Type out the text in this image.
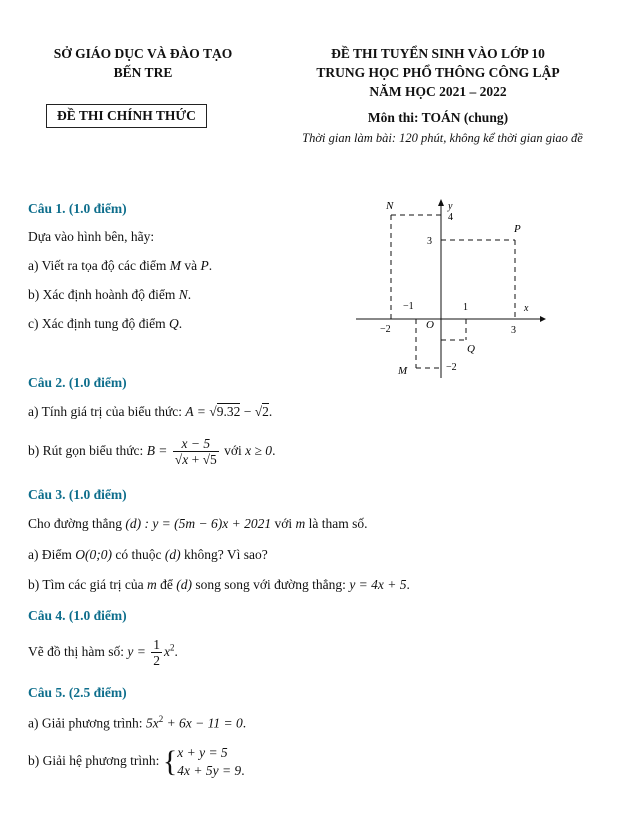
SỞ GIÁO DỤC VÀ ĐÀO TẠO
BẾN TRE
ĐỀ THI CHÍNH THỨC
ĐỀ THI TUYỂN SINH VÀO LỚP 10
TRUNG HỌC PHỔ THÔNG CÔNG LẬP
NĂM HỌC 2021 – 2022
Môn thi: TOÁN (chung)
Thời gian làm bài: 120 phút, không kể thời gian giao đề
Câu 1. (1.0 điểm)
Dựa vào hình bên, hãy:
a) Viết ra tọa độ các điểm M và P.
b) Xác định hoành độ điểm N.
c) Xác định tung độ điểm Q.
N
P
M
Q
O
y
x
4
3
−2
−1	1
−2	3
Câu 2. (1.0 điểm)
a) Tính giá trị của biểu thức: A = √9.32 − √2.
b) Rút gọn biểu thức: $B = \frac{x - 5}{√x + √5}$ với x ≥ 0.
Câu 3. (1.0 điểm)
Cho đường thẳng (d) : y = (5m − 6)x + 2021 với m là tham số.
a) Điểm O(0;0) có thuộc (d) không? Vì sao?
b) Tìm các giá trị của m để (d) song song với đường thẳng: y = 4x + 5.
Câu 4. (1.0 điểm)
Vẽ đồ thị hàm số: $y = \frac{1}{2} x^2$.
Câu 5. (2.5 điểm)
a) Giải phương trình: $5x^2 + 6x - 11 = 0$.
b) Giải hệ phương trình: { x + y = 5
4x + 5y = 9 .
